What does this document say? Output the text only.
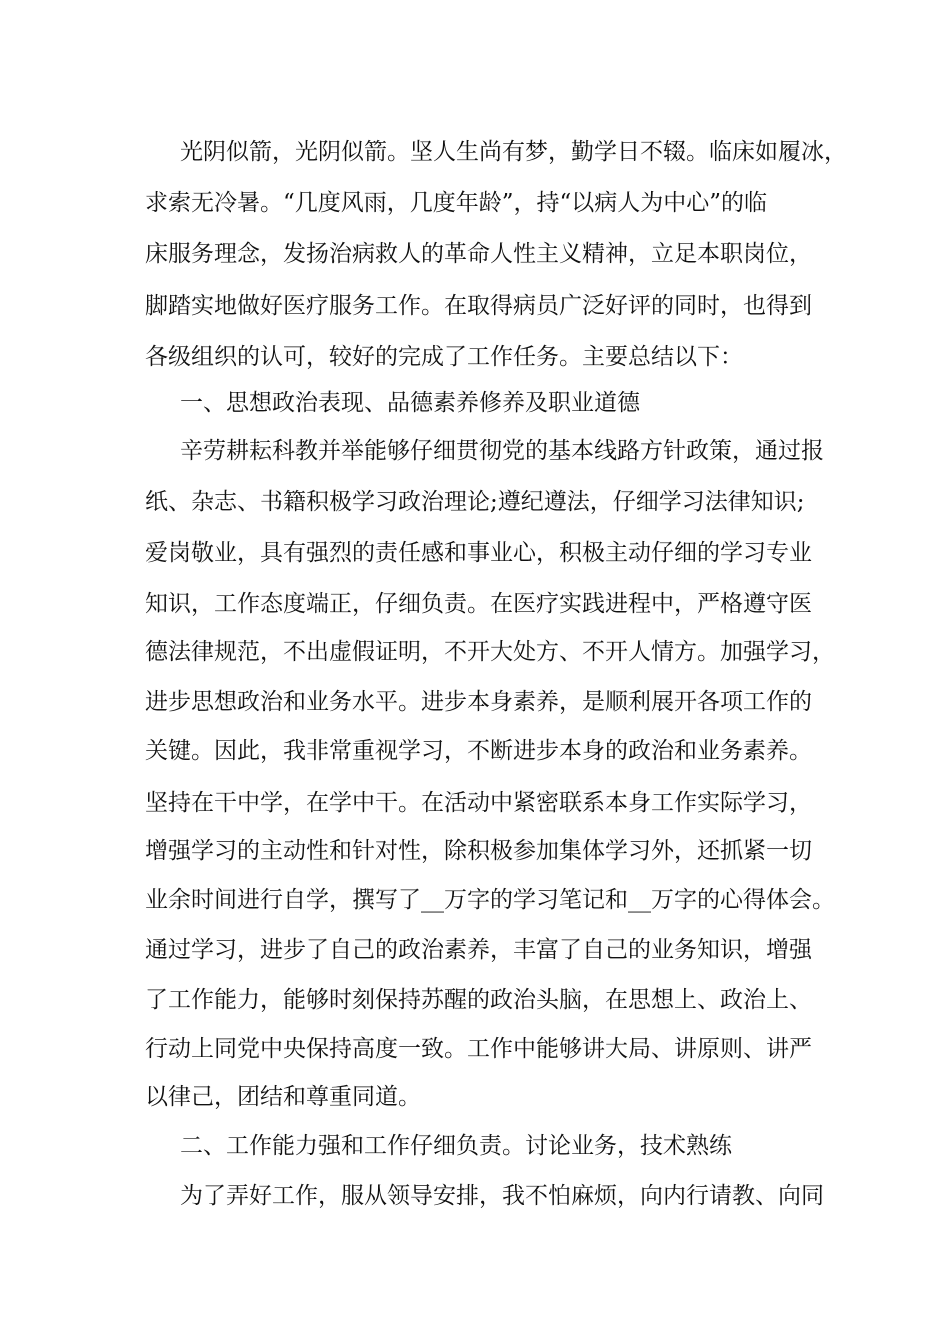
光阴似箭，光阴似箭。坚人生尚有梦，勤学日不辍。临床如履冰，
求索无冷暑。“几度风雨，几度年龄”，持“以病人为中心”的临
床服务理念，发扬治病救人的革命人性主义精神，立足本职岗位，
脚踏实地做好医疗服务工作。在取得病员广泛好评的同时，也得到
各级组织的认可，较好的完成了工作任务。主要总结以下：
一、思想政治表现、品德素养修养及职业道德
辛劳耕耘科教并举能够仔细贯彻党的基本线路方针政策，通过报
纸、杂志、书籍积极学习政治理论;遵纪遵法，仔细学习法律知识;
爱岗敬业，具有强烈的责任感和事业心，积极主动仔细的学习专业
知识，工作态度端正，仔细负责。在医疗实践进程中，严格遵守医
德法律规范，不出虚假证明，不开大处方、不开人情方。加强学习，
进步思想政治和业务水平。进步本身素养，是顺利展开各项工作的
关键。因此，我非常重视学习，不断进步本身的政治和业务素养。
坚持在干中学，在学中干。在活动中紧密联系本身工作实际学习，
增强学习的主动性和针对性，除积极参加集体学习外，还抓紧一切
业余时间进行自学，撰写了__万字的学习笔记和__万字的心得体会。
通过学习，进步了自己的政治素养，丰富了自己的业务知识，增强
了工作能力，能够时刻保持苏醒的政治头脑，在思想上、政治上、
行动上同党中央保持高度一致。工作中能够讲大局、讲原则、讲严
以律己，团结和尊重同道。
二、工作能力强和工作仔细负责。讨论业务，技术熟练
为了弄好工作，服从领导安排，我不怕麻烦，向内行请教、向同
